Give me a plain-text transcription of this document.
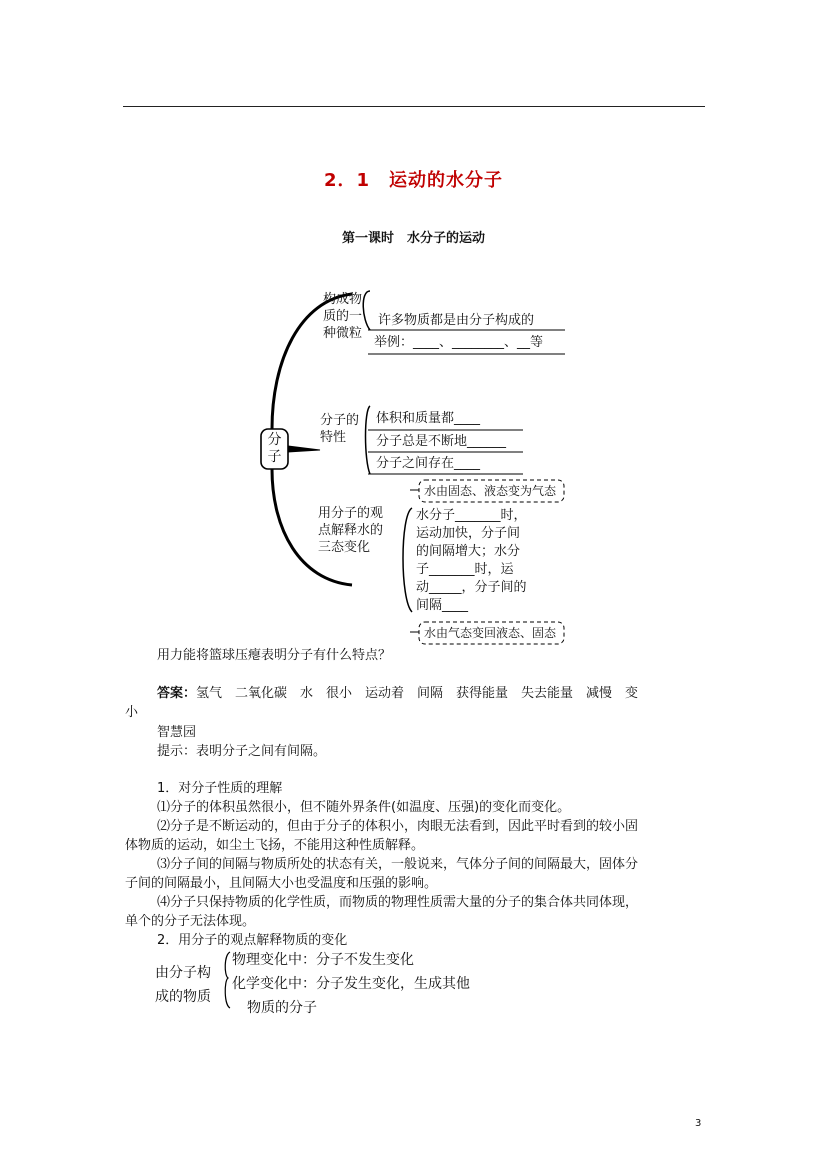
2．1　运动的水分子
第一课时　水分子的运动
分
子
构成物
质的一
种微粒
许多物质都是由分子构成的
举例：____、________、__等
分子的
特性
体积和质量都____
分子总是不断地______
分子之间存在____
用分子的观
点解释水的
三态变化
水由固态、液态变为气态
水分子_______时，
运动加快，分子间
的间隔增大；水分
子_______时，运
动_____，分子间的
间隔____
水由气态变回液态、固态
用力能将篮球压瘪表明分子有什么特点？
答案：氢气　二氧化碳　水　很小　运动着　间隔　获得能量　失去能量　减慢　变
小
智慧园
提示：表明分子之间有间隔。
1．对分子性质的理解
⑴分子的体积虽然很小，但不随外界条件(如温度、压强)的变化而变化。
⑵分子是不断运动的，但由于分子的体积小，肉眼无法看到，因此平时看到的较小固
体物质的运动，如尘土飞扬，不能用这种性质解释。
⑶分子间的间隔与物质所处的状态有关，一般说来，气体分子间的间隔最大，固体分
子间的间隔最小，且间隔大小也受温度和压强的影响。
⑷分子只保持物质的化学性质，而物质的物理性质需大量的分子的集合体共同体现，
单个的分子无法体现。
2．用分子的观点解释物质的变化
由分子构
成的物质
物理变化中：分子不发生变化
化学变化中：分子发生变化，生成其他
物质的分子
3
